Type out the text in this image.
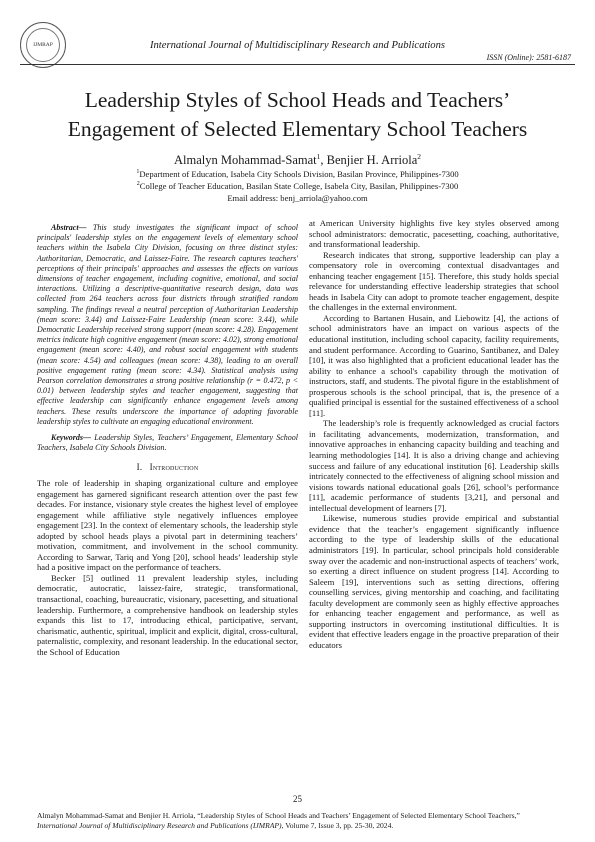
IJMRAP	International Journal of Multidisciplinary Research and Publications
ISSN (Online): 2581-6187
Leadership Styles of School Heads and Teachers’
Engagement of Selected Elementary School Teachers
Almalyn Mohammad-Samat$^1$, Benjier H. Arriola$^2$
$^1$Department of Education, Isabela City Schools Division, Basilan Province, Philippines-7300
$^2$College of Teacher Education, Basilan State College, Isabela City, Basilan, Philippines-7300
Email address: benj_arriola@yahoo.com

Abstract— This study investigates the significant impact of school principals' leadership styles on the engagement levels of elementary school teachers within the Isabela City Division, focusing on three distinct styles: Authoritarian, Democratic, and Laissez-Faire. The research captures teachers' perceptions of their principals' approaches and assesses the effects on various dimensions of teacher engagement, including cognitive, emotional, and social interactions. Utilizing a descriptive-quantitative research design, data was collected from 264 teachers across four districts through stratified random sampling. The findings reveal a neutral perception of Authoritarian Leadership (mean score: 3.44) and Laissez-Faire Leadership (mean score: 3.44), while Democratic Leadership received strong support (mean score: 4.28). Engagement metrics indicate high cognitive engagement (mean score: 4.02), strong emotional engagement (mean score: 4.40), and robust social engagement with students (mean score: 4.54) and colleagues (mean score: 4.38), leading to an overall positive engagement rating (mean score: 4.34). Statistical analysis using Pearson correlation demonstrates a strong positive relationship (r = 0.472, p < 0.01) between leadership styles and teacher engagement, suggesting that effective leadership can significantly enhance engagement levels among teachers. These results underscore the importance of adopting favorable leadership styles to cultivate an engaging educational environment.

Keywords— Leadership Styles, Teachers’ Engagement, Elementary School Teachers, Isabela City Schools Division.

I. Introduction

The role of leadership in shaping organizational culture and employee engagement has garnered significant research attention over the past few decades. For instance, visionary style creates the highest level of employee engagement while affiliative style negatively influences employee engagement [23]. In the context of elementary schools, the leadership style adopted by school heads plays a pivotal part in determining teachers’ motivation, commitment, and involvement in the school community. According to Sarwar, Tariq and Yong [20], school heads’ leadership style had a positive impact on the performance of teachers.

Becker [5] outlined 11 prevalent leadership styles, including democratic, autocratic, laissez-faire, strategic, transformational, transactional, coaching, bureaucratic, visionary, pacesetting, and situational leadership. Furthermore, a comprehensive handbook on leadership styles expands this list to 17, introducing ethical, participative, servant, charismatic, authentic, spiritual, implicit and explicit, digital, cross-cultural, paternalistic, complexity, and resonant leadership. In the educational sector, the School of Education

at American University highlights five key styles observed among school administrators: democratic, pacesetting, coaching, authoritative, and transformational leadership.

Research indicates that strong, supportive leadership can play a compensatory role in overcoming contextual disadvantages and enhancing teacher engagement [15]. Therefore, this study holds special relevance for understanding effective leadership strategies that school heads in Isabela City can adopt to promote teacher engagement, despite the challenges in the external environment.

According to Bartanen Husain, and Liebowitz [4], the actions of school administrators have an impact on various aspects of the educational institution, including school capacity, facility requirements, and student performance. According to Guarino, Santibanez, and Daley [10], it was also highlighted that a proficient educational leader has the ability to enhance a school's capability through the motivation of instructors, staff, and students. The pivotal figure in the establishment of prosperous schools is the school principal, that is, the presence of a qualified principal is essential for the sustained effectiveness of a school [11].

The leadership’s role is frequently acknowledged as crucial factors in facilitating advancements, modernization, transformation, and innovative approaches in enhancing capacity building and teaching and learning methodologies [14]. It is also a driving change and achieving success and failure of any educational institution [6]. Leadership skills intricately connected to the effectiveness of aligning school mission and visions towards national educational goals [26], school’s performance [11], academic performance of students [3,21], and personal and intellectual development of learners [7].

Likewise, numerous studies provide empirical and substantial evidence that the teacher’s engagement significantly influence according to the type of leadership skills of the educational administrators [19]. In particular, school principals hold considerable sway over the academic and non-instructional aspects of teachers’ work, so exerting a direct influence on student progress [14]. According to Saleem [19], interventions such as setting directions, offering counselling services, giving mentorship and coaching, and facilitating faculty development are commonly seen as highly effective approaches for enhancing teacher engagement and performance, as well as supporting instructors in overcoming institutional difficulties. It is evident that effective leaders engage in the proactive preparation of their educators

25
Almalyn Mohammad-Samat and Benjier H. Arriola, “Leadership Styles of School Heads and Teachers’ Engagement of Selected Elementary School Teachers,” International Journal of Multidisciplinary Research and Publications (IJMRAP), Volume 7, Issue 3, pp. 25-30, 2024.
